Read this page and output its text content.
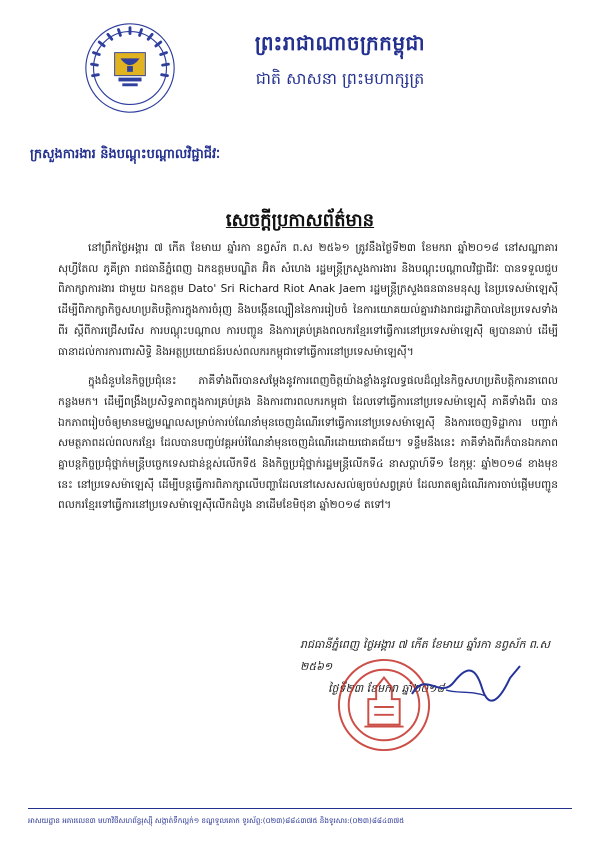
ព្រះរាជាណាចក្រកម្ពុជា
ជាតិ សាសនា ព្រះមហាក្សត្រ
ក្រសួងការងារ និងបណ្តុះបណ្តាលវិជ្ជាជីវៈ
សេចក្តីប្រកាសព័ត៌មាន

នៅព្រឹកថ្ងៃអង្គារ ៧ កើត ខែមាឃ ឆ្នាំរកា នព្វស័ក ព.ស ២៥៦១ ត្រូវនឹងថ្ងៃទី២៣ ខែមករា ឆ្នាំ២០១៨ នៅសណ្ឋាគារសុហ្វីតែល ភូគីត្រា រាជធានីភ្នំពេញ ឯកឧត្តមបណ្ឌិត អ៊ិត សំហេង រដ្ឋមន្ត្រីក្រសួងការងារ និងបណ្តុះបណ្តាលវិជ្ជាជីវៈ បានទទួលជួបពិភាក្សាការងារ ជាមួយ ឯកឧត្តម Dato' Sri Richard Riot Anak Jaem រដ្ឋមន្ត្រីក្រសួងធនធានមនុស្ស នៃប្រទេសម៉ាឡេស៊ី ដើម្បីពិភាក្សាកិច្ចសហប្រតិបត្តិការក្នុងការចំរុញ និងបង្កើនល្បឿននៃការរៀបចំ នៃការយោគយល់គ្នារវាងរាជរដ្ឋាភិបាលនៃប្រទេសទាំងពីរ ស្តីពីការជ្រើសរើស ការបណ្តុះបណ្តាល ការបញ្ជូន និងការគ្រប់គ្រងពលករខ្មែរទៅធ្វើការនៅប្រទេសម៉ាឡេស៊ី ឲ្យបានឆាប់ ដើម្បីធានាដល់ការការពារសិទ្ធិ និងអត្ថប្រយោជន៍របស់ពលករកម្ពុជាទៅធ្វើការនៅប្រទេសម៉ាឡេស៊ី។

ក្នុងជំនួបនៃកិច្ចប្រជុំនេះ ភាគីទាំងពីរបានសម្តែងនូវការពេញចិត្តយ៉ាងខ្លាំងនូវលទ្ធផលដ៏ល្អនៃកិច្ចសហប្រតិបត្តិការនាពេលកន្លងមក។ ដើម្បីពង្រឹងប្រសិទ្ធភាពក្នុងការគ្រប់គ្រង និងការពារពលករកម្ពុជា ដែលទៅធ្វើការនៅប្រទេសម៉ាឡេស៊ី ភាគីទាំងពីរ បានឯកភាពរៀបចំឲ្យមានមជ្ឈមណ្ឌលសម្រាប់ការប់ណែនាំមុនចេញដំណើរទៅធ្វើការនៅប្រទេសម៉ាឡេស៊ី និងការចេញទិដ្ឋាការ បញ្ជាក់សមត្ថភាពដល់ពលករខ្មែរ ដែលបានបញ្ចប់វគ្គអប់រំណែនាំមុនចេញដំណើរដោយជោគជ័យ។ ទន្ទឹមនឹងនេះ ភាគីទាំងពីរក៏បានឯកភាពគ្នាបន្តកិច្ចប្រជុំថ្នាក់មន្ត្រីបច្ចេកទេសជាន់ខ្ពស់លើកទី៥ និងកិច្ចប្រជុំថ្នាក់រដ្ឋមន្ត្រីលើកទី៤ នាសប្តាហ៍ទី១ ខែកុម្ភៈ ឆ្នាំ២០១៨ ខាងមុខនេះ នៅប្រទេសម៉ាឡេស៊ី ដើម្បីបន្តធ្វើការពិភាក្សាលើបញ្ហាដែលនៅសេសសល់ឲ្យចប់សព្វគ្រប់ ដែលរាតឲ្យដំណើរការចាប់ផ្តើមបញ្ជូនពលករខ្មែរទៅធ្វើការនៅប្រទេសម៉ាឡេស៊ីលើកដំបូង នាដើមខែមិថុនា ឆ្នាំ២០១៨ តទៅ។

រាជធានីភ្នំពេញ ថ្ងៃអង្គារ ៧ កើត ខែមាឃ ឆ្នាំរកា នព្វស័ក ព.ស ២៥៦១
ថ្ងៃទី២៣ ខែមករា ឆ្នាំ២០១៨
អាសយដ្ឋាន អគារលេខ៣ មហាវិថីសហព័ន្ធរុស្ស៊ី សង្កាត់ទឹកល្អក់១ ខណ្ឌទួលគោក ទូរស័ព្ទ:(០២៣)៨៨៤៣៧៥ និងទូរសារ:(០២៣)៨៨៤៣៧៥
